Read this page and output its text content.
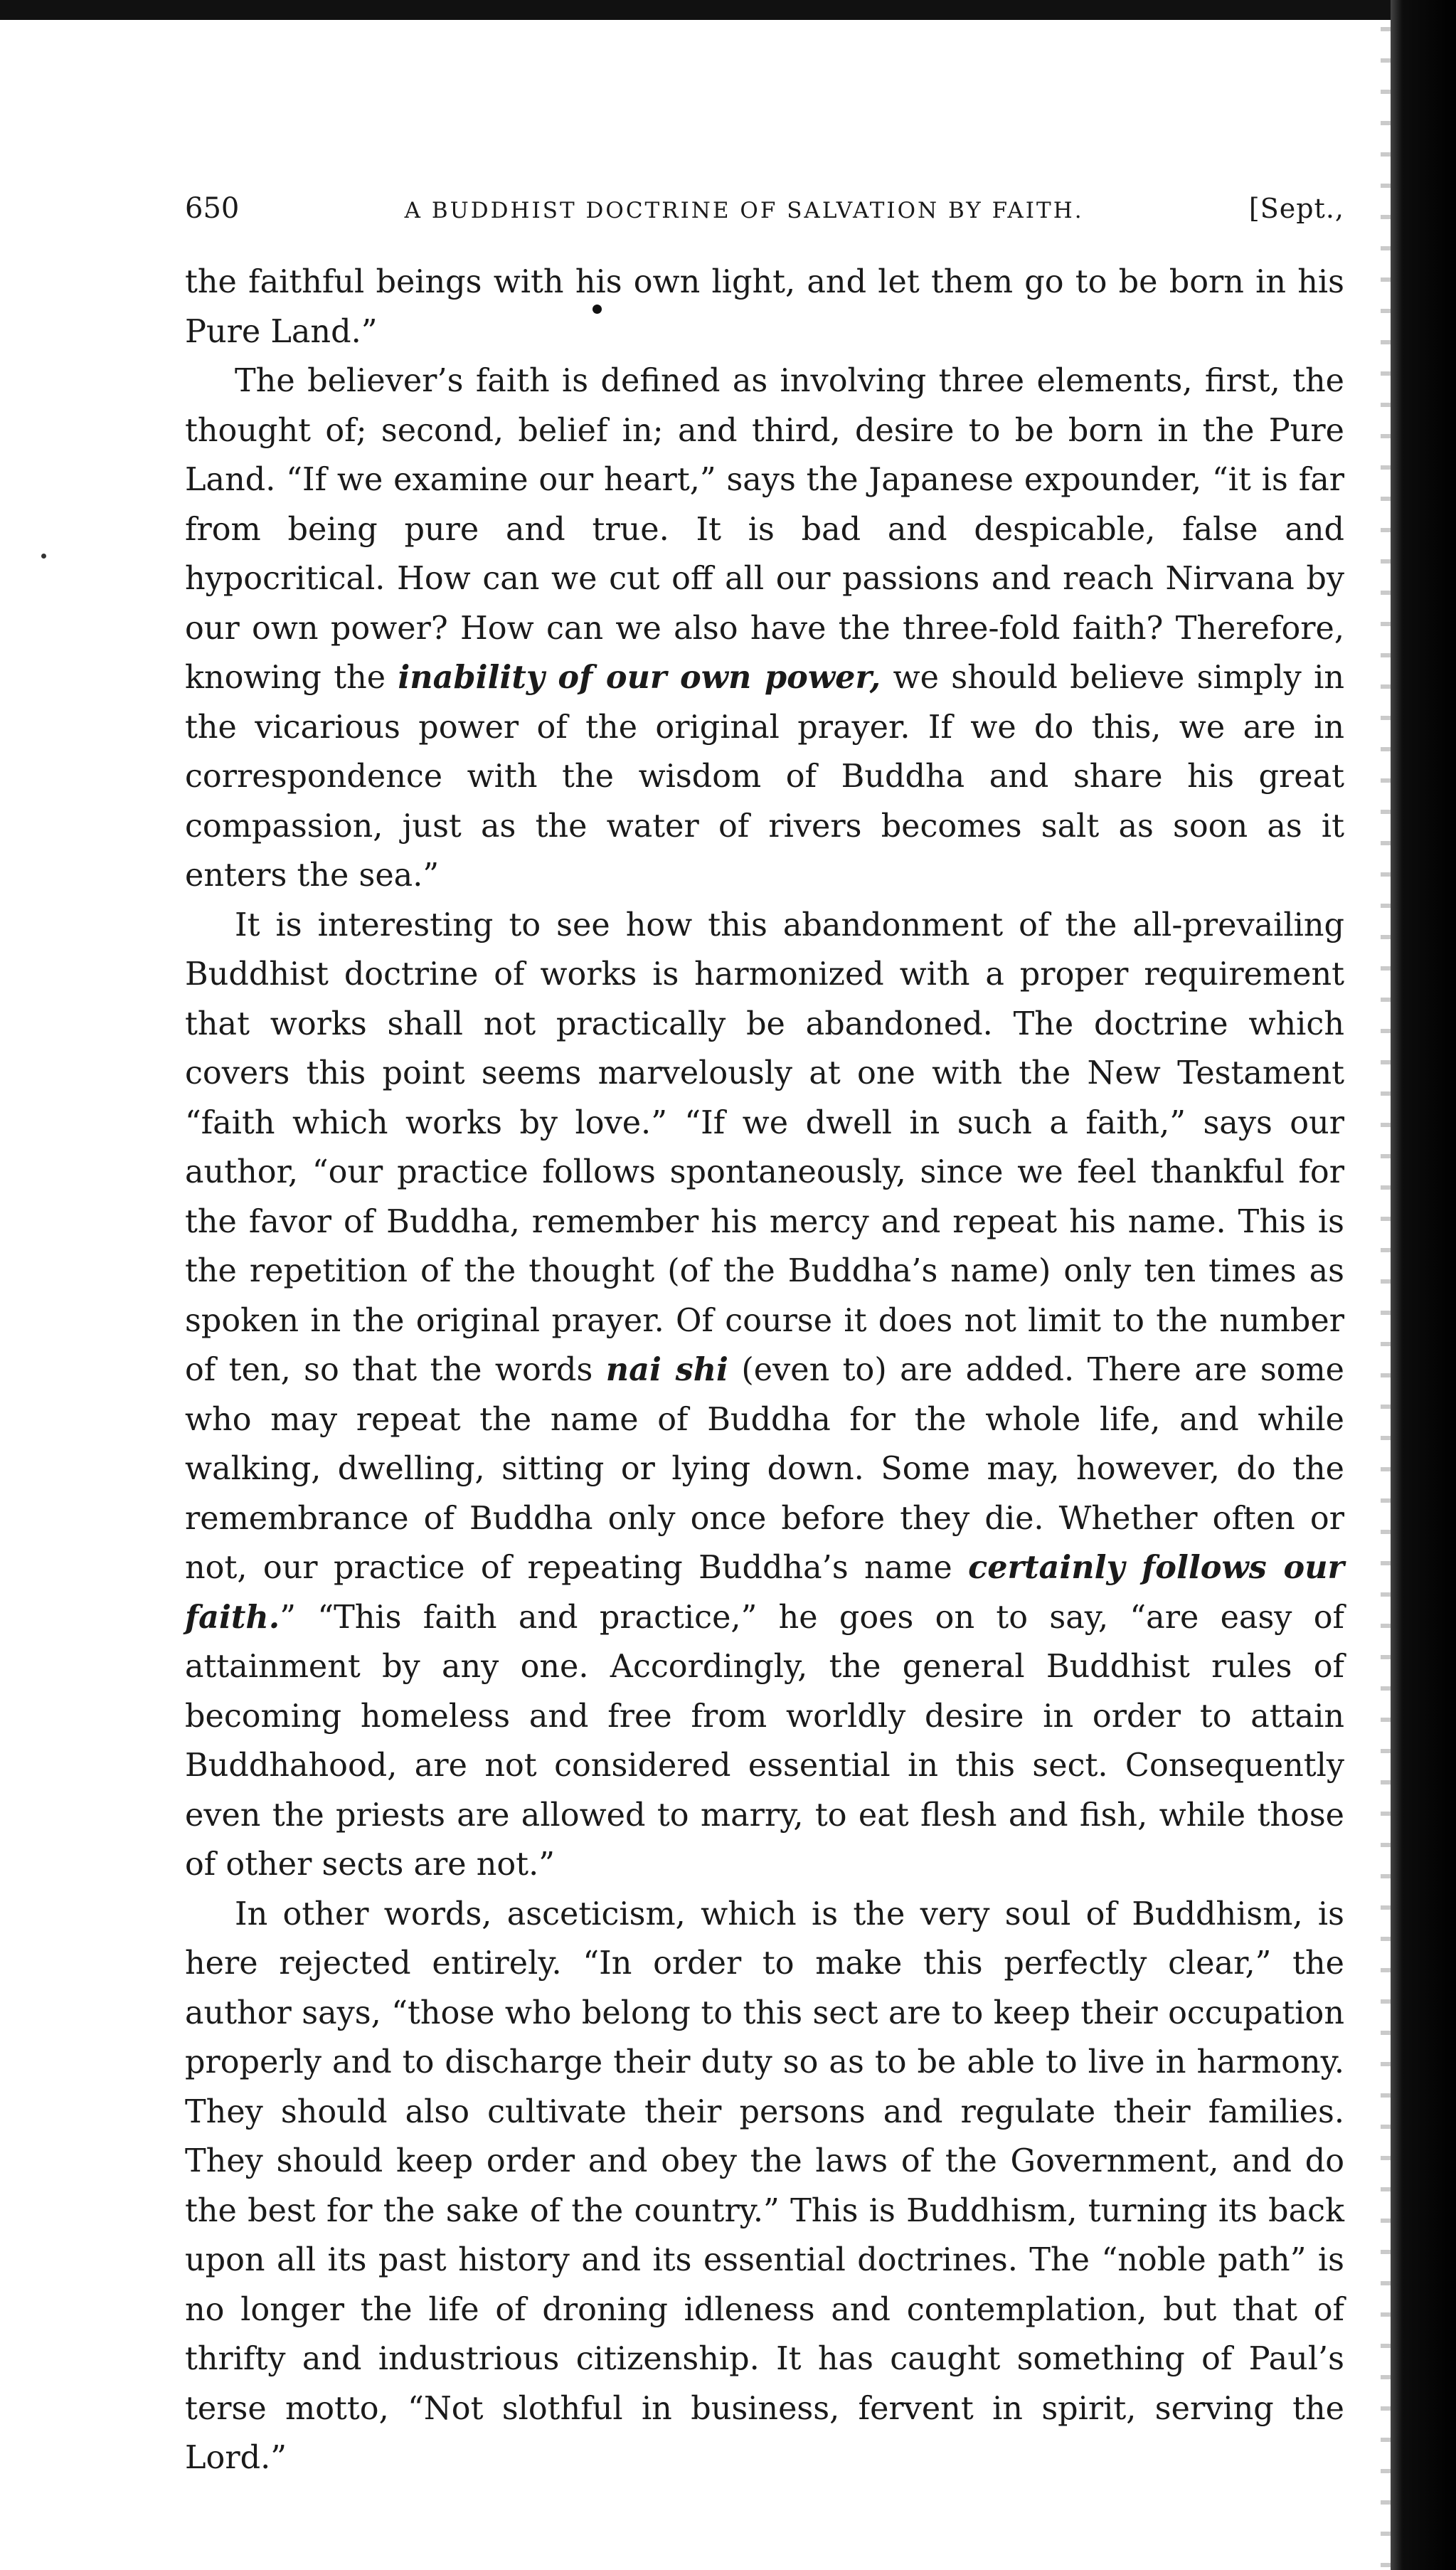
650	A BUDDHIST DOCTRINE OF SALVATION BY FAITH.	[Sept.,

the faithful beings with his own light, and let them go to be born in his Pure Land.”

The believer’s faith is defined as involving three elements, first, the thought of; second, belief in; and third, desire to be born in the Pure Land. “If we examine our heart,” says the Japanese expounder, “it is far from being pure and true. It is bad and despicable, false and hypocritical. How can we cut off all our passions and reach Nirvana by our own power? How can we also have the three-fold faith? Therefore, knowing the inability of our own power, we should believe simply in the vicarious power of the original prayer. If we do this, we are in correspondence with the wisdom of Buddha and share his great compassion, just as the water of rivers becomes salt as soon as it enters the sea.”

It is interesting to see how this abandonment of the all-prevailing Buddhist doctrine of works is harmonized with a proper requirement that works shall not practically be abandoned. The doctrine which covers this point seems marvelously at one with the New Testament “faith which works by love.” “If we dwell in such a faith,” says our author, “our practice follows spontaneously, since we feel thankful for the favor of Buddha, remember his mercy and repeat his name. This is the repetition of the thought (of the Buddha’s name) only ten times as spoken in the original prayer. Of course it does not limit to the number of ten, so that the words nai shi (even to) are added. There are some who may repeat the name of Buddha for the whole life, and while walking, dwelling, sitting or lying down. Some may, however, do the remembrance of Buddha only once before they die. Whether often or not, our practice of repeating Buddha’s name certainly follows our faith.” “This faith and practice,” he goes on to say, “are easy of attainment by any one. Accordingly, the general Buddhist rules of becoming homeless and free from worldly desire in order to attain Buddhahood, are not considered essential in this sect. Consequently even the priests are allowed to marry, to eat flesh and fish, while those of other sects are not.”

In other words, asceticism, which is the very soul of Buddhism, is here rejected entirely. “In order to make this perfectly clear,” the author says, “those who belong to this sect are to keep their occupation properly and to discharge their duty so as to be able to live in harmony. They should also cultivate their persons and regulate their families. They should keep order and obey the laws of the Government, and do the best for the sake of the country.” This is Buddhism, turning its back upon all its past history and its essential doctrines. The “noble path” is no longer the life of droning idleness and contemplation, but that of thrifty and industrious citizenship. It has caught something of Paul’s terse motto, “Not slothful in business, fervent in spirit, serving the Lord.”
